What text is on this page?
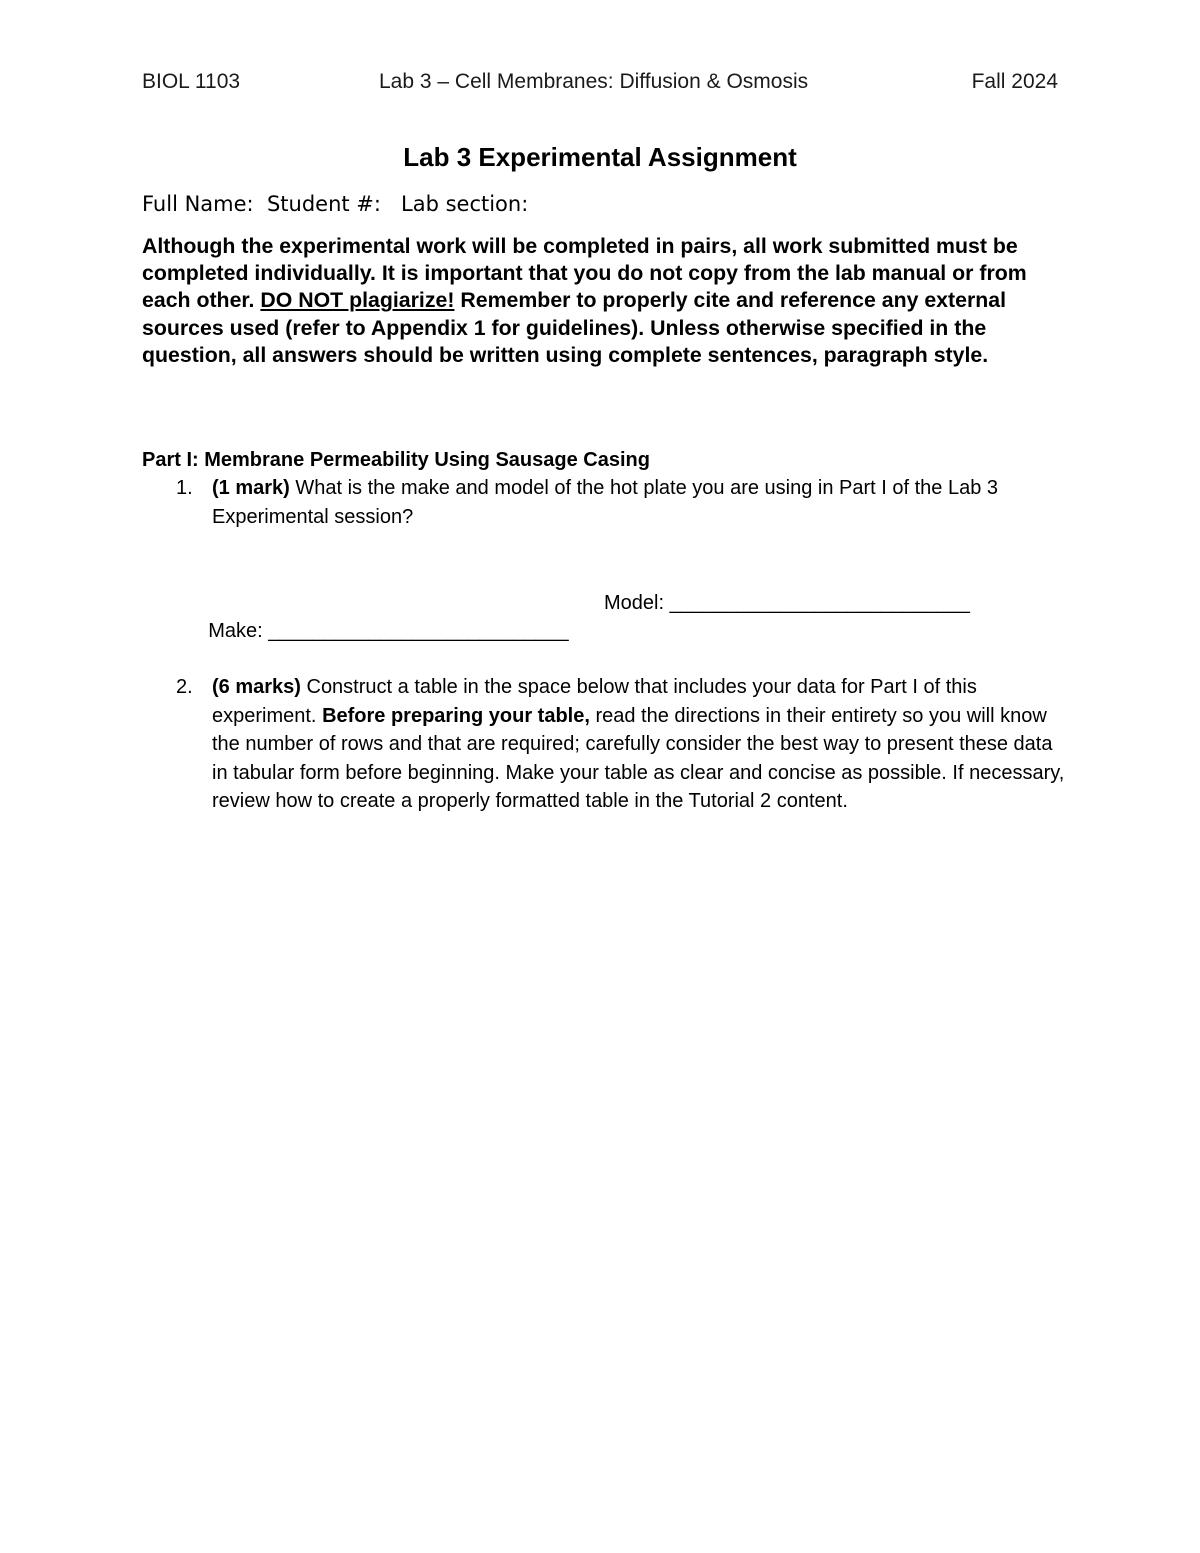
BIOL 1103	Lab 3 – Cell Membranes: Diffusion & Osmosis	Fall 2024
Lab 3 Experimental Assignment
Full Name:  Student #:   Lab section:
Although the experimental work will be completed in pairs, all work submitted must be completed individually. It is important that you do not copy from the lab manual or from each other. DO NOT plagiarize! Remember to properly cite and reference any external sources used (refer to Appendix 1 for guidelines). Unless otherwise specified in the question, all answers should be written using complete sentences, paragraph style.
Part I: Membrane Permeability Using Sausage Casing
1. (1 mark) What is the make and model of the hot plate you are using in Part I of the Lab 3 Experimental session?

Make: ___________________________

Model: ___________________________

2. (6 marks) Construct a table in the space below that includes your data for Part I of this experiment. Before preparing your table, read the directions in their entirety so you will know the number of rows and that are required; carefully consider the best way to present these data in tabular form before beginning. Make your table as clear and concise as possible. If necessary, review how to create a properly formatted table in the Tutorial 2 content.
